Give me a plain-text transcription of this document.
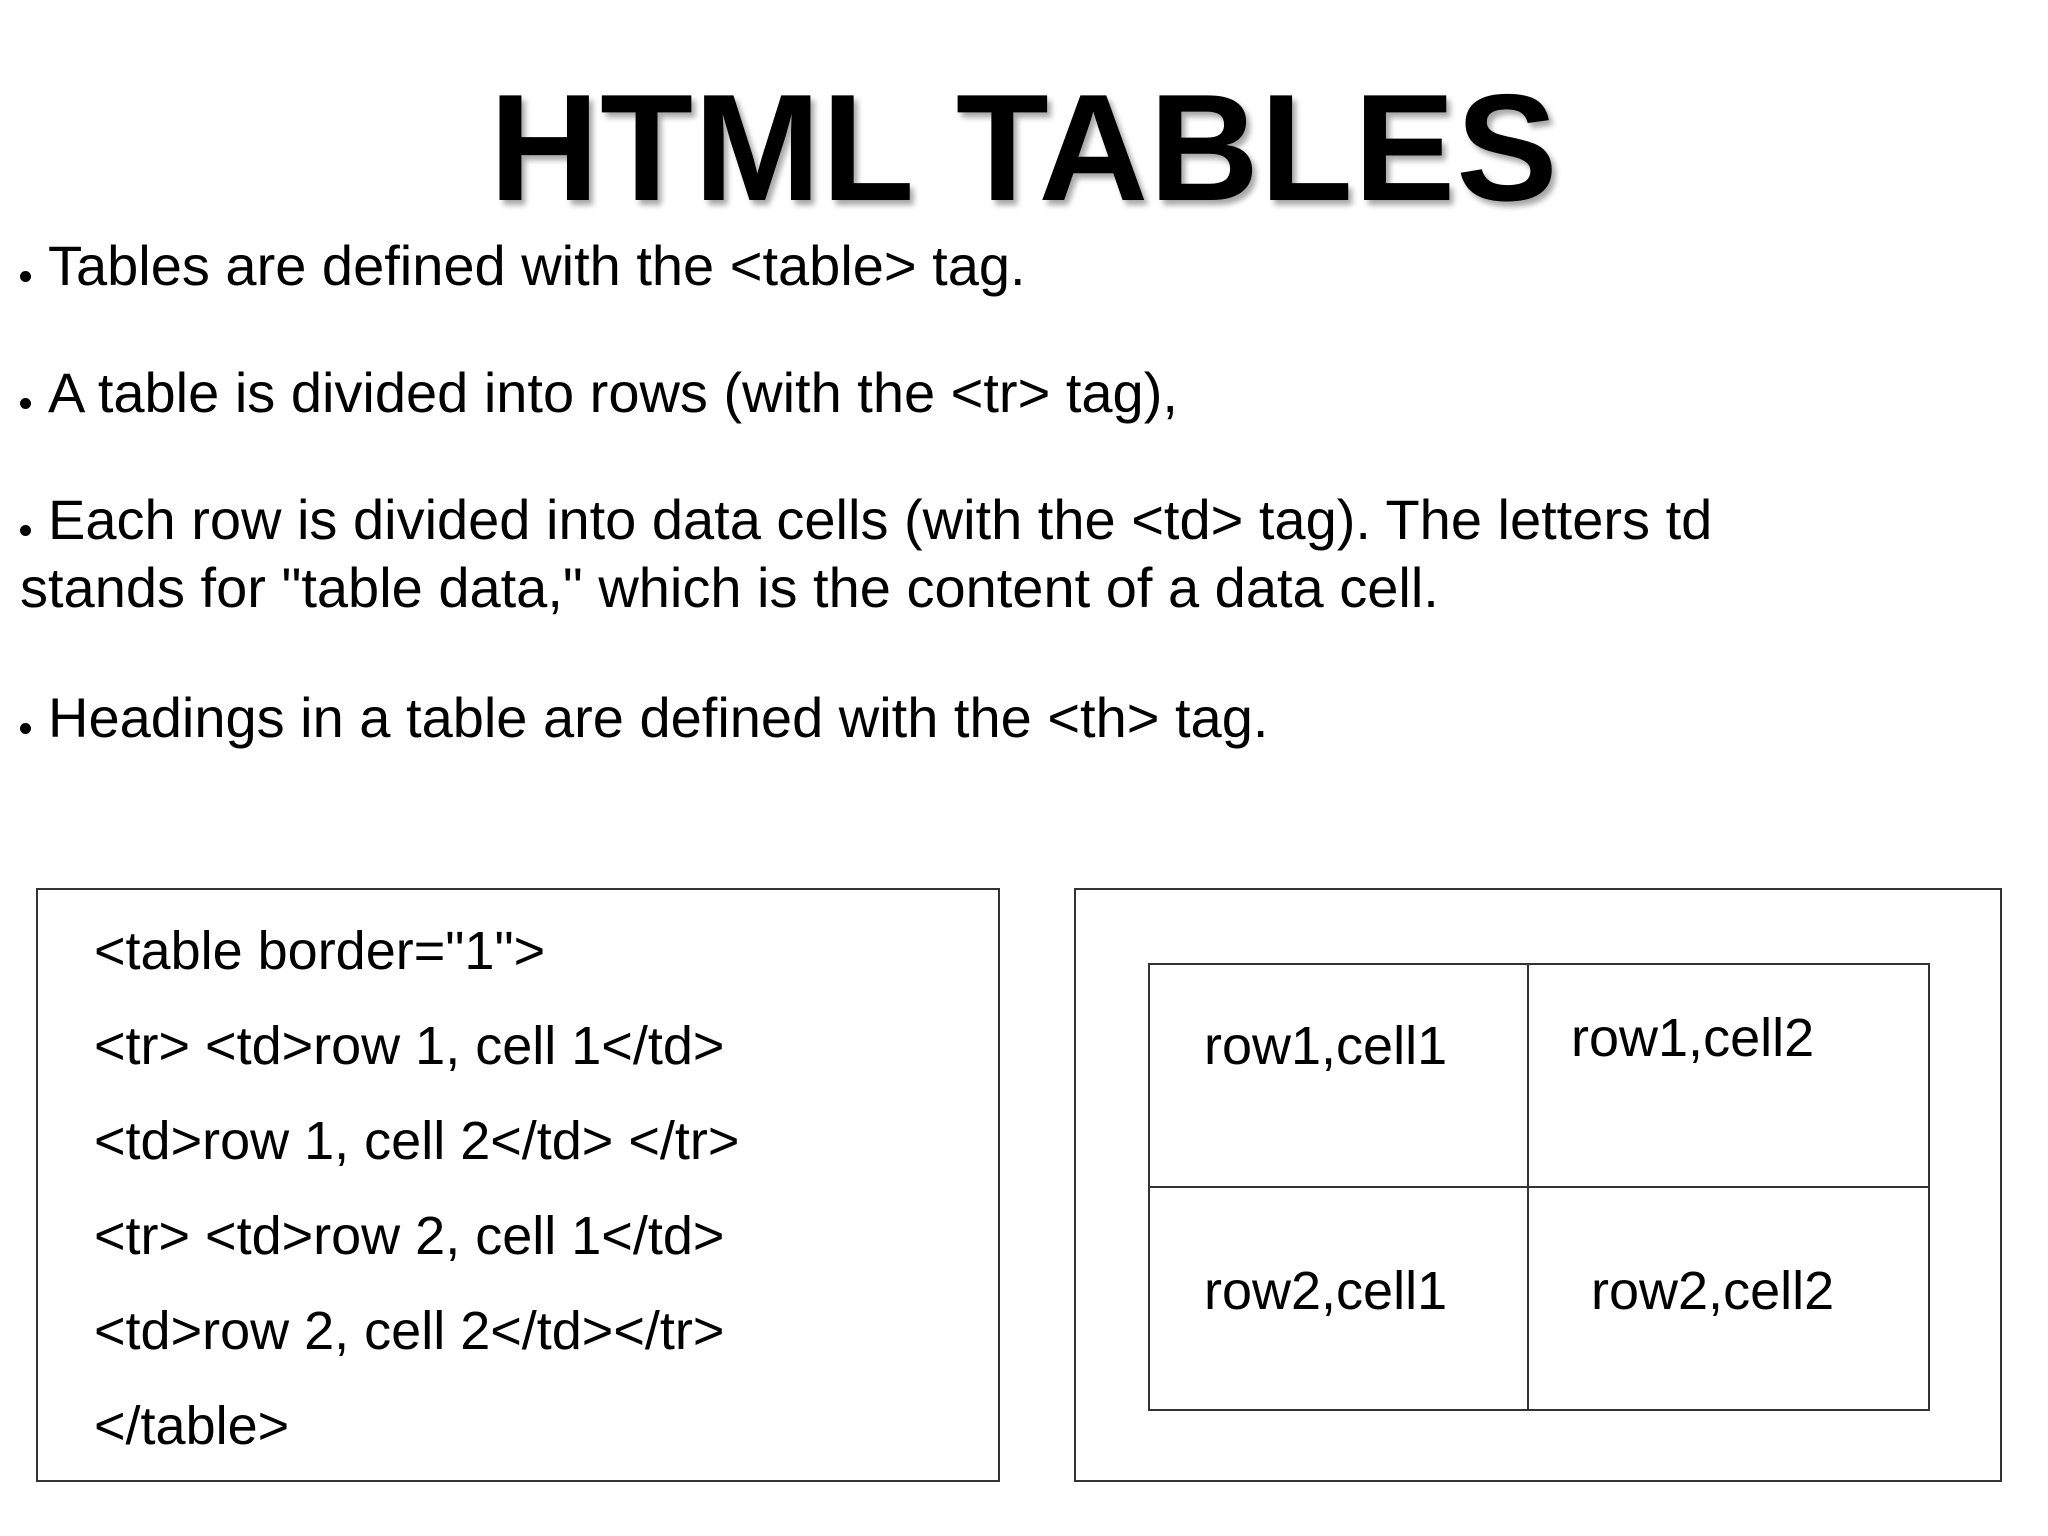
HTML TABLES
Tables are defined with the <table> tag.
A table is divided into rows (with the <tr> tag),
Each row is divided into data cells (with the <td> tag). The letters td stands for "table data," which is the content of a data cell.
Headings in a table are defined with the <th> tag.
<table border="1">
<tr> <td>row 1, cell 1</td>
<td>row 1, cell 2</td> </tr>
<tr> <td>row 2, cell 1</td>
<td>row 2, cell 2</td></tr>
</table>
row1,cell1	row1,cell2

row2,cell1	row2,cell2
